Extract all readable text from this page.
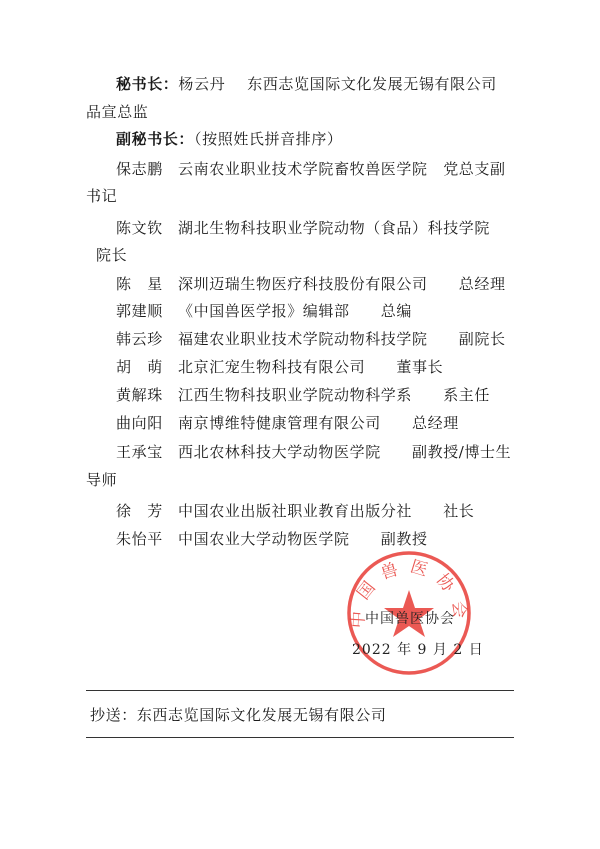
秘书长：杨云丹 东西志览国际文化发展无锡有限公司
品宣总监
副秘书长：（按照姓氏拼音排序）
保志鹏 云南农业职业技术学院畜牧兽医学院　党总支副
书记
陈文钦 湖北生物科技职业学院动物（食品）科技学院
院长
陈　星 深圳迈瑞生物医疗科技股份有限公司　　总经理
郭建顺 《中国兽医学报》编辑部　　总编
韩云珍 福建农业职业技术学院动物科技学院　　副院长
胡　萌 北京汇宠生物科技有限公司　　董事长
黄解珠 江西生物科技职业学院动物科学系　　系主任
曲向阳 南京博维特健康管理有限公司　　总经理
王承宝 西北农林科技大学动物医学院　　副教授/博士生
导师
徐　芳 中国农业出版社职业教育出版分社　　社长
朱怡平 中国农业大学动物医学院　　副教授
中国兽医协会
中国兽医协会
2022 年 9 月 2 日
抄送：东西志览国际文化发展无锡有限公司
